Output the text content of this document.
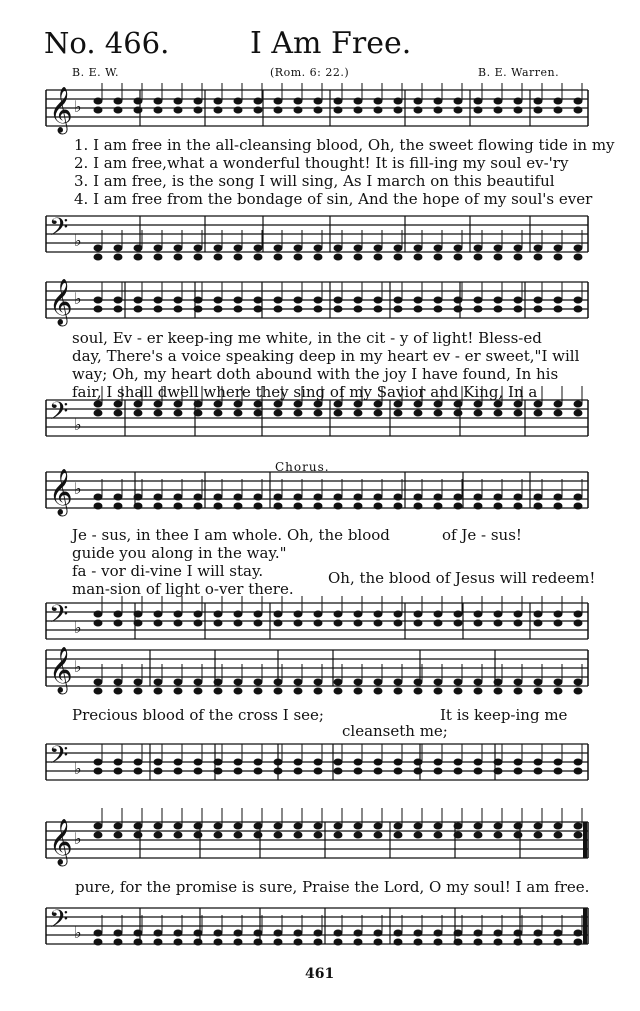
No. 466.	I Am Free.
B. E. W.	(Rom. 6: 22.)	B. E. Warren.
𝄞 ♭
𝄢 ♭
𝄞 ♭
𝄢 ♭
𝄞 ♭
𝄢 ♭
𝄞 ♭
𝄢 ♭
𝄞 ♭
𝄢 ♭
1. I am free in the all-cleansing blood, Oh, the sweet flowing tide in my
2. I am free,what a wonderful thought! It is fill-ing my soul ev-'ry
3. I am free, is the song I will sing, As I march on this beautiful
4. I am free from the bondage of sin, And the hope of my soul's ever
soul, Ev - er keep-ing me white, in the cit - y of light! Bless-ed
day, There's a voice speaking deep in my heart ev - er sweet,"I will
way; Oh, my heart doth abound with the joy I have found, In his
fair, I shall dwell where they sing of my Savior and King, In a
Chorus.
Je - sus, in thee I am whole.
guide you along in the way."
fa - vor di-vine I will stay.
man-sion of light o-ver there.
Oh, the blood	of Je - sus!
Oh, the blood of Jesus will redeem!
Precious blood of the cross I see;	It is keep-ing me
cleanseth me;
pure, for the promise is sure, Praise the Lord, O my soul! I am free.
461
